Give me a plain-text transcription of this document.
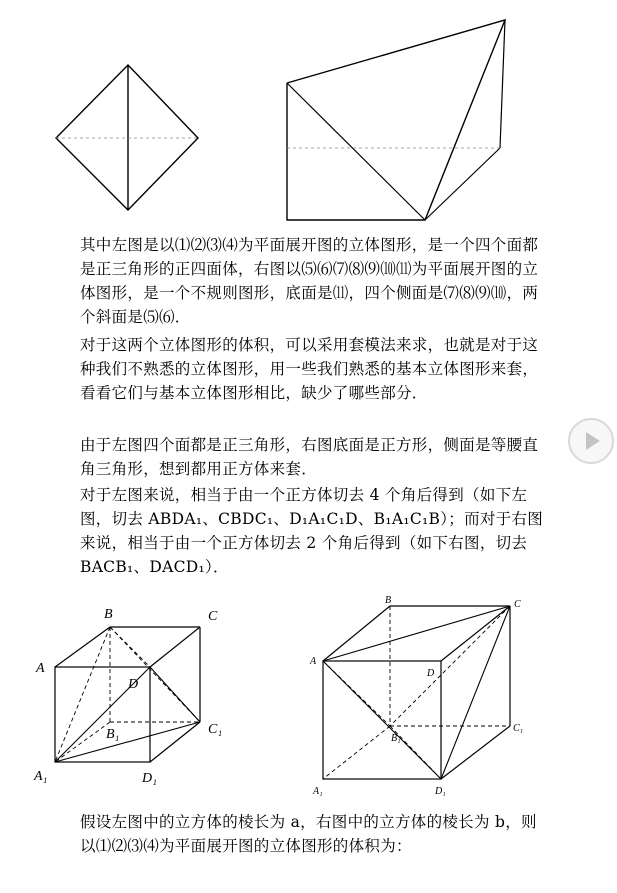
其中左图是以⑴⑵⑶⑷为平面展开图的立体图形，是一个四个面都是正三角形的正四面体，右图以⑸⑹⑺⑻⑼⑽⑾为平面展开图的立体图形，是一个不规则图形，底面是⑾，四个侧面是⑺⑻⑼⑽，两个斜面是⑸⑹．

对于这两个立体图形的体积，可以采用套模法来求，也就是对于这种我们不熟悉的立体图形，用一些我们熟悉的基本立体图形来套，看看它们与基本立体图形相比，缺少了哪些部分．

由于左图四个面都是正三角形，右图底面是正方形，侧面是等腰直角三角形，想到都用正方体来套．

对于左图来说，相当于由一个正方体切去 4 个角后得到（如下左图，切去 ABDA₁、CBDC₁、D₁A₁C₁D、B₁A₁C₁B）；而对于右图来说，相当于由一个正方体切去 2 个角后得到（如下右图，切去 BACB₁、DACD₁）．

假设左图中的立方体的棱长为 a，右图中的立方体的棱长为 b，则以⑴⑵⑶⑷为平面展开图的立体图形的体积为：

B	C
A
D
B₁	C₁
A₁	D₁
B	C
A
D
B₁
C₁
A₁	D₁
